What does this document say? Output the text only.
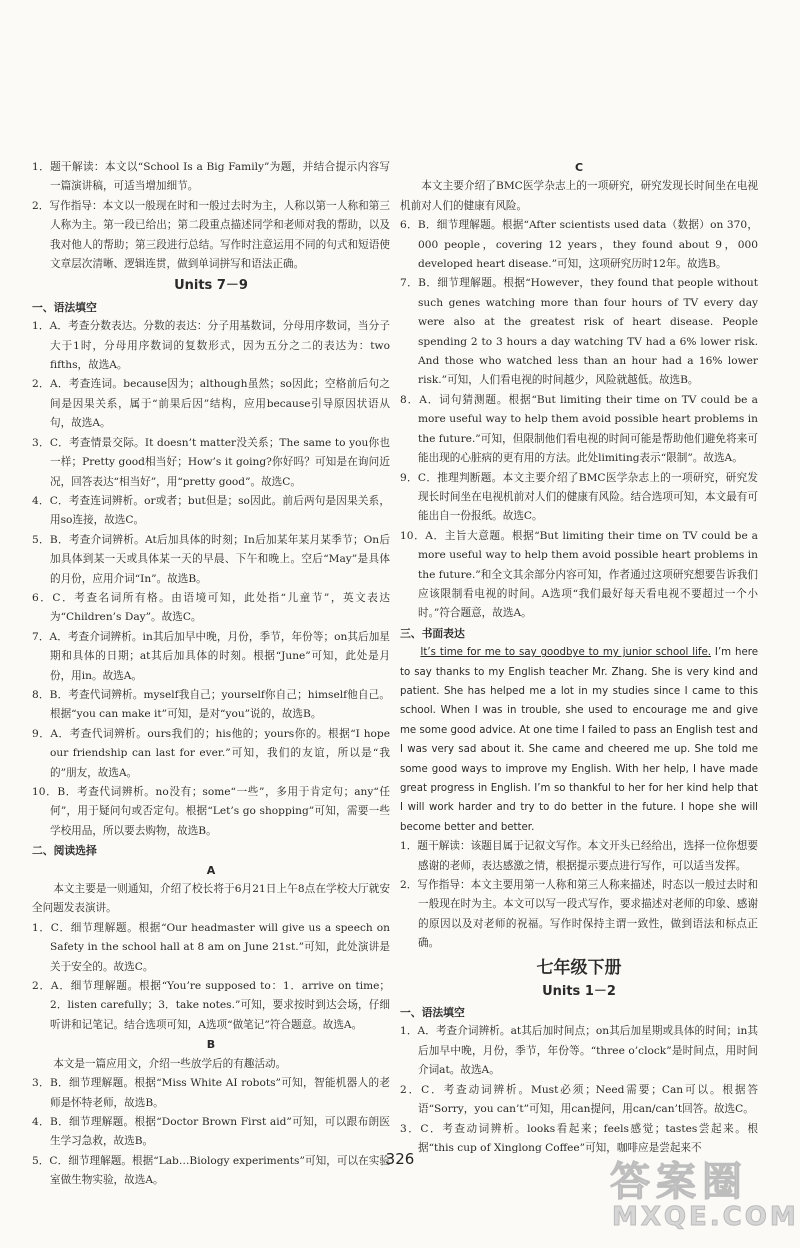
1．题干解读：本文以“School Is a Big Family”为题，并结合提示内容写一篇演讲稿，可适当增加细节。

2．写作指导：本文以一般现在时和一般过去时为主，人称以第一人称和第三人称为主。第一段已给出；第二段重点描述同学和老师对我的帮助，以及我对他人的帮助；第三段进行总结。写作时注意运用不同的句式和短语使文章层次清晰、逻辑连贯，做到单词拼写和语法正确。

Units 7－9

一、语法填空

1．A．考查分数表达。分数的表达：分子用基数词，分母用序数词，当分子大于1时，分母用序数词的复数形式，因为五分之二的表达为：two fifths，故选A。

2．A．考查连词。because因为；although虽然；so因此；空格前后句之间是因果关系，属于“前果后因”结构，应用because引导原因状语从句，故选A。

3．C．考查情景交际。It doesn’t matter没关系；The same to you你也一样；Pretty good相当好；How’s it going?你好吗？可知是在询问近况，回答表达“相当好”，用“pretty good”。故选C。

4．C．考查连词辨析。or或者；but但是；so因此。前后两句是因果关系，用so连接，故选C。

5．B．考查介词辨析。At后加具体的时刻；In后加某年某月某季节；On后加具体到某一天或具体某一天的早晨、下午和晚上。空后“May”是具体的月份，应用介词“In”。故选B。

6．C．考查名词所有格。由语境可知，此处指“儿童节”，英文表达为“Children’s Day”。故选C。

7．A．考查介词辨析。in其后加早中晚，月份，季节，年份等；on其后加星期和具体的日期；at其后加具体的时刻。根据“June”可知，此处是月份，用in。故选A。

8．B．考查代词辨析。myself我自己；yourself你自己；himself他自己。根据“you can make it”可知，是对“you”说的，故选B。

9．A．考查代词辨析。ours我们的；his他的；yours你的。根据“I hope our friendship can last for ever.”可知，我们的友谊，所以是“我的”朋友，故选A。

10．B．考查代词辨析。no没有；some“一些”，多用于肯定句；any“任何”，用于疑问句或否定句。根据“Let’s go shopping”可知，需要一些学校用品，所以要去购物，故选B。

二、阅读选择

A

本文主要是一则通知，介绍了校长将于6月21日上午8点在学校大厅就安全问题发表演讲。

1．C．细节理解题。根据“Our headmaster will give us a speech on Safety in the school hall at 8 am on June 21st.”可知，此处演讲是关于安全的。故选C。

2．A．细节理解题。根据“You’re supposed to：1．arrive on time；2．listen carefully；3．take notes.”可知，要求按时到达会场，仔细听讲和记笔记。结合选项可知，A选项“做笔记”符合题意。故选A。

B

本文是一篇应用文，介绍一些放学后的有趣活动。

3．B．细节理解题。根据“Miss White AI robots”可知，智能机器人的老师是怀特老师，故选B。

4．B．细节理解题。根据“Doctor Brown First aid”可知，可以跟布朗医生学习急救，故选B。

5．C．细节理解题。根据“Lab…Biology experiments”可知，可以在实验室做生物实验，故选A。

C

本文主要介绍了BMC医学杂志上的一项研究，研究发现长时间坐在电视机前对人们的健康有风险。

6．B．细节理解题。根据“After scientists used data（数据）on 370，000 people，covering 12 years，they found about 9，000 developed heart disease.”可知，这项研究历时12年。故选B。

7．B．细节理解题。根据“However，they found that people without such genes watching more than four hours of TV every day were also at the greatest risk of heart disease. People spending 2 to 3 hours a day watching TV had a 6% lower risk. And those who watched less than an hour had a 16% lower risk.”可知，人们看电视的时间越少，风险就越低。故选B。

8．A．词句猜测题。根据“But limiting their time on TV could be a more useful way to help them avoid possible heart problems in the future.”可知，但限制他们看电视的时间可能是帮助他们避免将来可能出现的心脏病的更有用的方法。此处limiting表示“限制”。故选A。

9．C．推理判断题。本文主要介绍了BMC医学杂志上的一项研究，研究发现长时间坐在电视机前对人们的健康有风险。结合选项可知，本文最有可能出自一份报纸。故选C。

10．A．主旨大意题。根据“But limiting their time on TV could be a more useful way to help them avoid possible heart problems in the future.”和全文其余部分内容可知，作者通过这项研究想要告诉我们应该限制看电视的时间。A选项“我们最好每天看电视不要超过一个小时。”符合题意，故选A。

三、书面表达

It’s time for me to say goodbye to my junior school life. I’m here to say thanks to my English teacher Mr. Zhang. She is very kind and patient. She has helped me a lot in my studies since I came to this school. When I was in trouble, she used to encourage me and give me some good advice. At one time I failed to pass an English test and I was very sad about it. She came and cheered me up. She told me some good ways to improve my English. With her help, I have made great progress in English. I’m so thankful to her for her kind help that I will work harder and try to do better in the future. I hope she will become better and better.

1．题干解读：该题目属于记叙文写作。本文开头已经给出，选择一位你想要感谢的老师，表达感激之情，根据提示要点进行写作，可以适当发挥。

2．写作指导：本文主要用第一人称和第三人称来描述，时态以一般过去时和一般现在时为主。本文可以写一段式写作，要求描述对老师的印象、感谢的原因以及对老师的祝福。写作时保持主谓一致性，做到语法和标点正确。

七年级下册

Units 1－2

一、语法填空

1．A．考查介词辨析。at其后加时间点；on其后加星期或具体的时间；in其后加早中晚，月份，季节，年份等。“three o’clock”是时间点，用时间介词at。故选A。

2．C．考查动词辨析。Must必须；Need需要；Can可以。根据答语“Sorry，you can’t”可知，用can提问，用can/can’t回答。故选C。

3．C．考查动词辨析。looks看起来；feels感觉；tastes尝起来。根据“this cup of Xinglong Coffee”可知，咖啡应是尝起来不

326	答案圈
MXQE.COM
